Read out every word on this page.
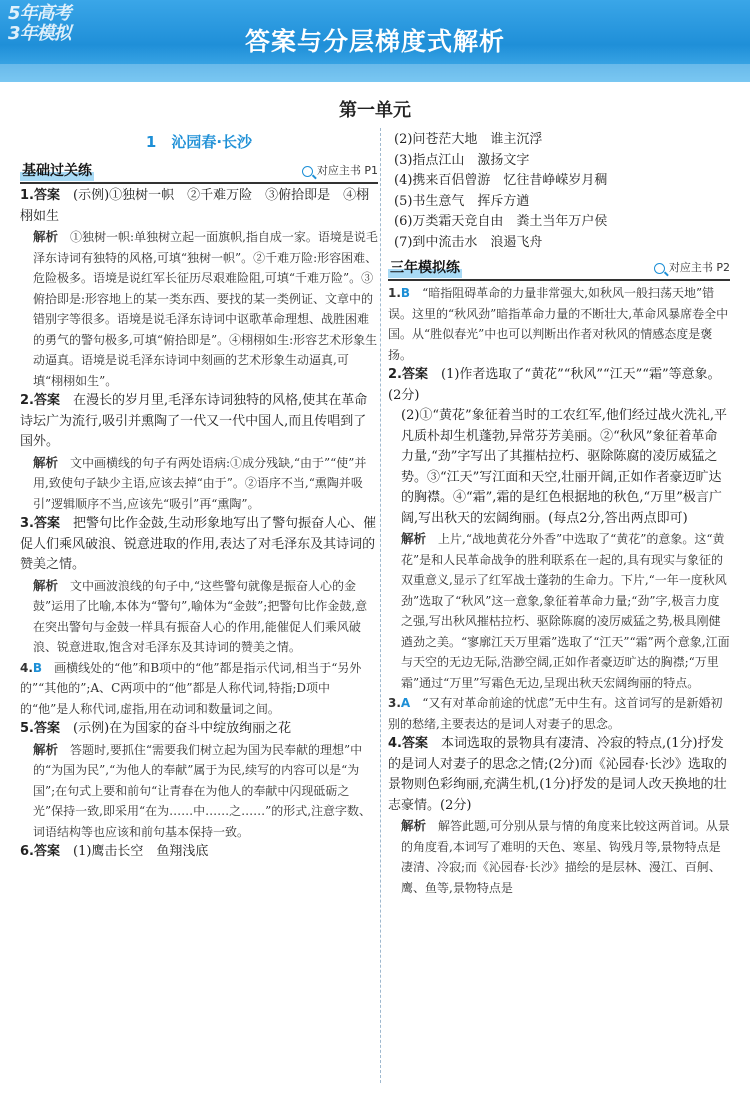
5年高考
3年模拟	答案与分层梯度式解析
第一单元
1　沁园春·长沙
基础过关练	对应主书 P1
1.答案　 (示例)①独树一帜　②千难万险　③俯拾即是　④栩栩如生
解析　 ①独树一帜:单独树立起一面旗帜,指自成一家。语境是说毛泽东诗词有独特的风格,可填“独树一帜”。②千难万险:形容困难、危险极多。语境是说红军长征历尽艰难险阻,可填“千难万险”。③俯拾即是:形容地上的某一类东西、要找的某一类例证、文章中的错别字等很多。语境是说毛泽东诗词中讴歌革命理想、战胜困难的勇气的警句极多,可填“俯拾即是”。④栩栩如生:形容艺术形象生动逼真。语境是说毛泽东诗词中刻画的艺术形象生动逼真,可填“栩栩如生”。
2.答案　 在漫长的岁月里,毛泽东诗词独特的风格,使其在革命诗坛广为流行,吸引并熏陶了一代又一代中国人,而且传唱到了国外。
解析　 文中画横线的句子有两处语病:①成分残缺,“由于”“使”并用,致使句子缺少主语,应该去掉“由于”。②语序不当,“熏陶并吸引”逻辑顺序不当,应该先“吸引”再“熏陶”。
3.答案　 把警句比作金鼓,生动形象地写出了警句振奋人心、催促人们乘风破浪、锐意进取的作用,表达了对毛泽东及其诗词的赞美之情。
解析　 文中画波浪线的句子中,“这些警句就像是振奋人心的金鼓”运用了比喻,本体为“警句”,喻体为“金鼓”;把警句比作金鼓,意在突出警句与金鼓一样具有振奋人心的作用,能催促人们乘风破浪、锐意进取,饱含对毛泽东及其诗词的赞美之情。
4.B　 画横线处的“他”和B项中的“他”都是指示代词,相当于“另外的”“其他的”;A、C两项中的“他”都是人称代词,特指;D项中的“他”是人称代词,虚指,用在动词和数量词之间。
5.答案　 (示例)在为国家的奋斗中绽放绚丽之花
解析　 答题时,要抓住“需要我们树立起为国为民奉献的理想”中的“为国为民”,“为他人的奉献”属于为民,续写的内容可以是“为国”;在句式上要和前句“让青春在为他人的奉献中闪现砥砺之光”保持一致,即采用“在为……中……之……”的形式,注意字数、词语结构等也应该和前句基本保持一致。
6.答案　 (1)鹰击长空　鱼翔浅底
(2)问苍茫大地　谁主沉浮
(3)指点江山　激扬文字
(4)携来百侣曾游　忆往昔峥嵘岁月稠
(5)书生意气　挥斥方遒
(6)万类霜天竞自由　粪土当年万户侯
(7)到中流击水　浪遏飞舟
三年模拟练	对应主书 P2
1.B　 “暗指阻碍革命的力量非常强大,如秋风一般扫荡天地”错误。这里的“秋风劲”暗指革命力量的不断壮大,革命风暴席卷全中国。从“胜似春光”中也可以判断出作者对秋风的情感态度是褒扬。
2.答案　 (1)作者选取了“黄花”“秋风”“江天”“霜”等意象。(2分)
(2)①“黄花”象征着当时的工农红军,他们经过战火洗礼,平凡质朴却生机蓬勃,异常芬芳美丽。②“秋风”象征着革命力量,“劲”字写出了其摧枯拉朽、驱除陈腐的凌厉威猛之势。③“江天”写江面和天空,壮丽开阔,正如作者豪迈旷达的胸襟。④“霜”,霜的是红色根据地的秋色,“万里”极言广阔,写出秋天的宏阔绚丽。(每点2分,答出两点即可)
解析　 上片,“战地黄花分外香”中选取了“黄花”的意象。这“黄花”是和人民革命战争的胜利联系在一起的,具有现实与象征的双重意义,显示了红军战士蓬勃的生命力。下片,“一年一度秋风劲”选取了“秋风”这一意象,象征着革命力量;“劲”字,极言力度之强,写出秋风摧枯拉朽、驱除陈腐的凌厉威猛之势,极具刚健遒劲之美。“寥廓江天万里霜”选取了“江天”“霜”两个意象,江面与天空的无边无际,浩渺空阔,正如作者豪迈旷达的胸襟;“万里霜”通过“万里”写霜色无边,呈现出秋天宏阔绚丽的特点。
3.A　 “又有对革命前途的忧虑”无中生有。这首词写的是新婚初别的愁绪,主要表达的是词人对妻子的思念。
4.答案　 本词选取的景物具有凄清、冷寂的特点,(1分)抒发的是词人对妻子的思念之情;(2分)而《沁园春·长沙》选取的景物则色彩绚丽,充满生机,(1分)抒发的是词人改天换地的壮志豪情。(2分)
解析　 解答此题,可分别从景与情的角度来比较这两首词。从景的角度看,本词写了难明的天色、寒星、钩残月等,景物特点是凄清、冷寂;而《沁园春·长沙》描绘的是层林、漫江、百舸、鹰、鱼等,景物特点是
